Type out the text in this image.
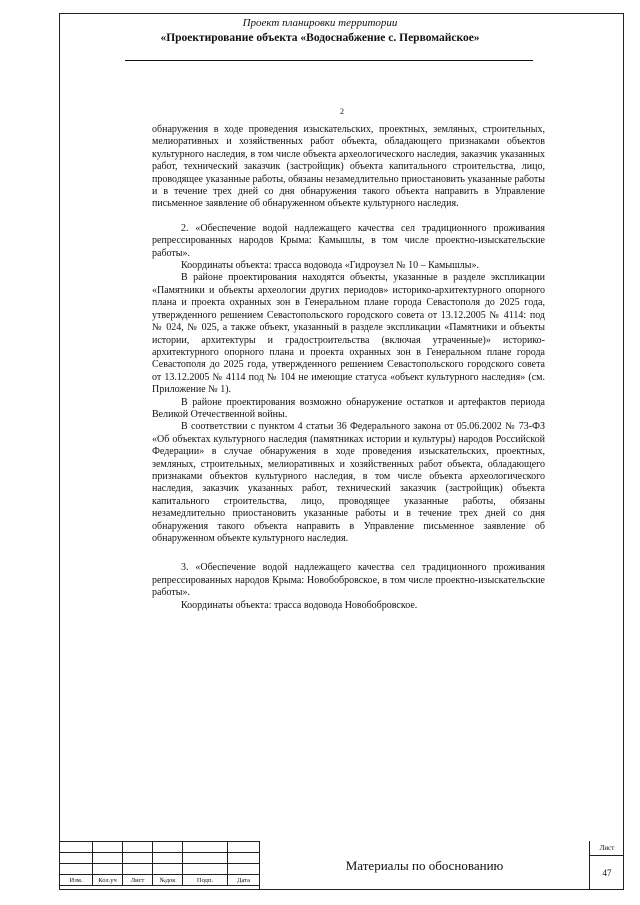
Проект планировки территории
«Проектирование объекта «Водоснабжение с. Первомайское»
2

обнаружения в ходе проведения изыскательских, проектных, земляных, строительных, мелиоративных и хозяйственных работ объекта, обладающего признаками объектов культурного наследия, в том числе объекта археологического наследия, заказчик указанных работ, технический заказчик (застройщик) объекта капитального строительства, лицо, проводящее указанные работы, обязаны незамедлительно приостановить указанные работы и в течение трех дней со дня обнаружения такого объекта направить в Управление письменное заявление об обнаруженном объекте культурного наследия.

2. «Обеспечение водой надлежащего качества сел традиционного проживания репрессированных народов Крыма: Камышлы, в том числе проектно-изыскательские работы».

Координаты объекта: трасса водовода «Гидроузел № 10 – Камышлы».

В районе проектирования находятся объекты, указанные в разделе экспликации «Памятники и объекты археологии других периодов» историко-архитектурного опорного плана и проекта охранных зон в Генеральном плане города Севастополя до 2025 года, утвержденного решением Севастопольского городского совета от 13.12.2005 № 4114: под № 024, № 025, а также объект, указанный в разделе экспликации «Памятники и объекты истории, архитектуры и градостроительства (включая утраченные)» историко-архитектурного опорного плана и проекта охранных зон в Генеральном плане города Севастополя до 2025 года, утвержденного решением Севастопольского городского совета от 13.12.2005 № 4114 под № 104 не имеющие статуса «объект культурного наследия» (см. Приложение № 1).

В районе проектирования возможно обнаружение остатков и артефактов периода Великой Отечественной войны.

В соответствии с пунктом 4 статьи 36 Федерального закона от 05.06.2002 № 73-ФЗ «Об объектах культурного наследия (памятниках истории и культуры) народов Российской Федерации» в случае обнаружения в ходе проведения изыскательских, проектных, земляных, строительных, мелиоративных и хозяйственных работ объекта, обладающего признаками объектов культурного наследия, в том числе объекта археологического наследия, заказчик указанных работ, технический заказчик (застройщик) объекта капитального строительства, лицо, проводящее указанные работы, обязаны незамедлительно приостановить указанные работы и в течение трех дней со дня обнаружения такого объекта направить в Управление письменное заявление об обнаруженном объекте культурного наследия.

3. «Обеспечение водой надлежащего качества сел традиционного проживания репрессированных народов Крыма: Новобобровское, в том числе проектно-изыскательские работы».

Координаты объекта: трасса водовода Новобобровское.

Изм.	Кол.уч	Лист	№док	Подп.	Дата
Материалы по обоснованию
Лист
47
